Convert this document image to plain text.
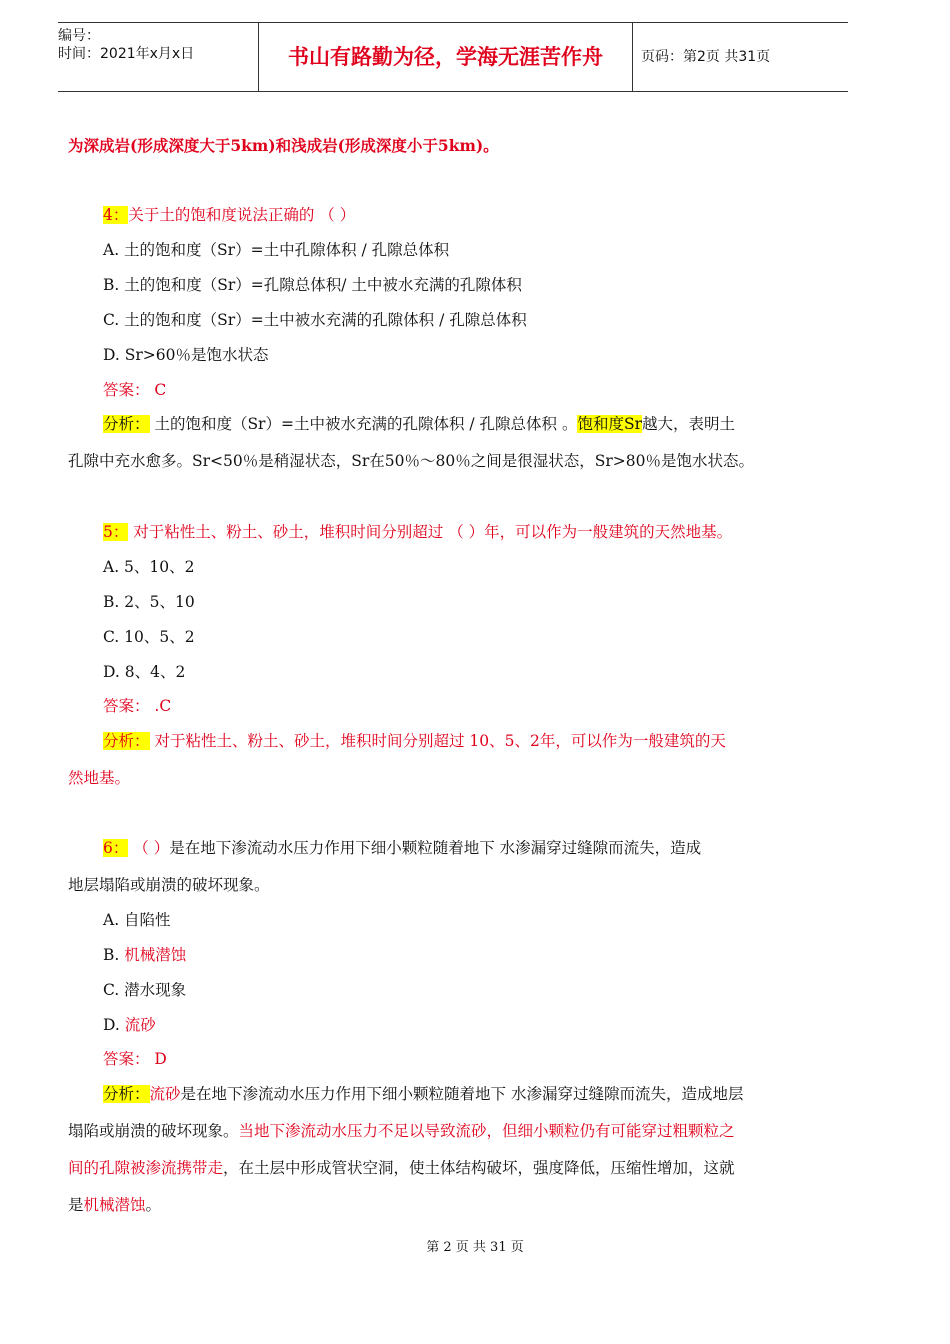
编号：
时间：2021年x月x日	书山有路勤为径，学海无涯苦作舟	页码：第2页 共31页
为深成岩(形成深度大于5km)和浅成岩(形成深度小于5km)。
4：关于土的饱和度说法正确的 （ ）
A. 土的饱和度（Sr）=土中孔隙体积 / 孔隙总体积
B. 土的饱和度（Sr）=孔隙总体积/ 土中被水充满的孔隙体积
C. 土的饱和度（Sr）=土中被水充满的孔隙体积 / 孔隙总体积
D. Sr>60％是饱水状态
答案： C
分析： 土的饱和度（Sr）=土中被水充满的孔隙体积 / 孔隙总体积 。饱和度Sr越大，表明土
孔隙中充水愈多。Sr<50％是稍湿状态，Sr在50％～80％之间是很湿状态，Sr>80％是饱水状态。
5： 对于粘性土、粉土、砂土，堆积时间分别超过 （ ）年，可以作为一般建筑的天然地基。
A. 5、10、2
B. 2、5、10
C. 10、5、2
D. 8、4、2
答案： .C
分析： 对于粘性土、粉土、砂土，堆积时间分别超过 10、5、2年，可以作为一般建筑的天
然地基。
6： （ ）是在地下渗流动水压力作用下细小颗粒随着地下 水渗漏穿过缝隙而流失，造成
地层塌陷或崩溃的破坏现象。
A. 自陷性
B. 机械潜蚀
C. 潜水现象
D. 流砂
答案： D
分析：流砂是在地下渗流动水压力作用下细小颗粒随着地下 水渗漏穿过缝隙而流失，造成地层
塌陷或崩溃的破坏现象。当地下渗流动水压力不足以导致流砂，但细小颗粒仍有可能穿过粗颗粒之
间的孔隙被渗流携带走，在土层中形成管状空洞，使土体结构破坏，强度降低，压缩性增加，这就
是机械潜蚀。
第 2 页 共 31 页
